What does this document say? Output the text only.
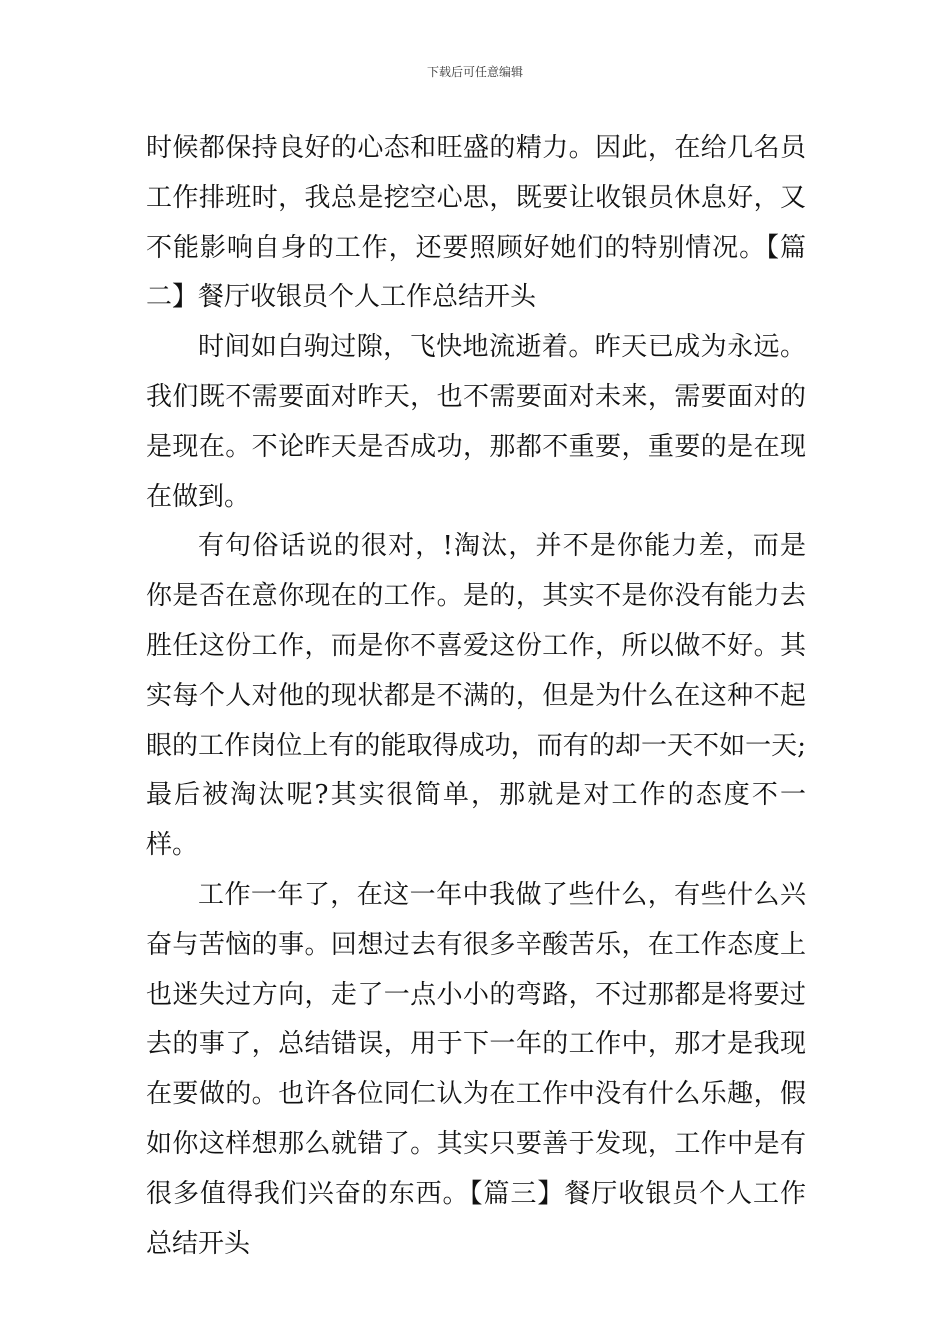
下载后可任意编辑

时候都保持良好的心态和旺盛的精力。因此，在给几名员工作排班时，我总是挖空心思，既要让收银员休息好，又不能影响自身的工作，还要照顾好她们的特别情况。【篇二】餐厅收银员个人工作总结开头

时间如白驹过隙，飞快地流逝着。昨天已成为永远。我们既不需要面对昨天，也不需要面对未来，需要面对的是现在。不论昨天是否成功，那都不重要，重要的是在现在做到。

有句俗话说的很对，!淘汰，并不是你能力差，而是你是否在意你现在的工作。是的，其实不是你没有能力去胜任这份工作，而是你不喜爱这份工作，所以做不好。其实每个人对他的现状都是不满的，但是为什么在这种不起眼的工作岗位上有的能取得成功，而有的却一天不如一天;最后被淘汰呢?其实很简单，那就是对工作的态度不一样。

工作一年了，在这一年中我做了些什么，有些什么兴奋与苦恼的事。回想过去有很多辛酸苦乐，在工作态度上也迷失过方向，走了一点小小的弯路，不过那都是将要过去的事了，总结错误，用于下一年的工作中，那才是我现在要做的。也许各位同仁认为在工作中没有什么乐趣，假如你这样想那么就错了。其实只要善于发现，工作中是有很多值得我们兴奋的东西。【篇三】餐厅收银员个人工作总结开头
